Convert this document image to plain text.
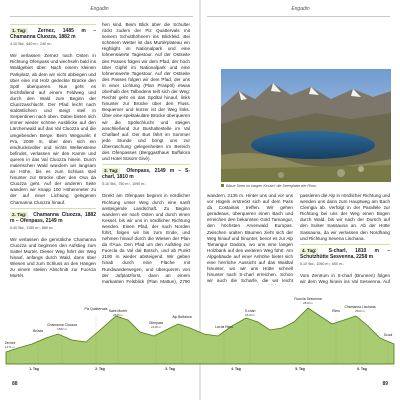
Engadin
1. Tag: Zernez, 1485 m – Chamanna Cluozza, 1882 m
4.10 Std., 640 m↑, 240 m↓

Wir verlassen Zernez nach Osten in Richtung Ofenpass und wechseln bald ins Waldgebiet über. Nach einem kleinen Parkplatz, ab dem wir nicht abbiegen und über eine mit Holz gedeckte Brücke den Spöl überqueren. Nun geht es leichtfallend auf einem Feldweg und durch den Wald zum Beginn der Cluozzaschlucht. Der Pfad leicht nach südöstlichem und steigt steil in Serpentinen nach oben. Dabei bieten sich immer wieder schöne Ausblicke auf den Lärchenwald auf das Val Cluozza und die umgebenden Berge. Beim Wegpunkt Il Pra, 2039 m, über dem sich ein eindrucksvoller und nichts Wellensteine befindet, verlassen wir den Kamm und queren in das Val Cluozza hinein. Durch malerischen Wald wandern wir langsam an Höhe, bis es zum Schluss steil hinunter zur Brücke über den Ova da Cluozza geht. Auf der anderen Seite wandern wir knapp 100 Höhenmeter zu der auf einer Lichtung gelegenen Chamanna Cluozza hinauf.

2. Tag: Chamanna Cluozza, 1882 m – Ofenpass, 2149 m
5.40 Std., 1150 m↑, 880 m↓

Wir verlassen die gemütliche Chamanna Cluozza und beginnen den Aufstieg zum Sattel Murtèr. Dieser Weg führt der Weg hinauf, anfangs durch Wald, dann über Wiesen und zum Schluss an den Hängen zu einem steilen Abschnitt zur Fuorcla Murtèr.

hen sind. Beim Blick über die Schulter rückt zudem der Piz Quattervals mit seinem Schutthöhnern ins Blickfeld. Bei schönem Wetter ist das Murtèrplateau ein Highlight im Nationalpark und eine lohnenswerte Tagestour. Auf der Ostseite des Passes folgen wir dem Pfad, der hoch über Gipfel im Nationalpark und eine lohnenswerte Tagestour. Auf der Ostseite des Passes folgen wir dem Pfad, der uns in einer Lichtung (Plan Praspöl) etwas oberhalb des Talbodens teilt sich der Weg: Rechts geht es das Spöltal hinauf, links hinunter zur Brücke über den Fluss. Bequemer und kürzer ist der Weg links. Über eine spektakuläre Brücke überqueren wir die Spölschlucht und steigen anschließend zur Bushaltestelle im Val Chaflaef auf. Der Bus fährt im Sommer jede Stunde und bringt uns zur Überraschung gelegenheiten im Bereich des Ofenpasses (Berggasthaus Buffalora und Hotel Süsom Givè).

3. Tag: Ofenpass, 2149 m – S-charl, 1810 m
5.10 Std., 750 m↑, 1090 m↓

Direkt am Ofenpass beginnt in nördlicher Richtung unser Weg durch eine sanft ansteigende Landschaft. Zu Beginn wandern wir nach Osten und durch einen Kessel, bis wir uns in nördlicher Richtung wenden. Einen Pfad, der nach Norden führt, folgen wir bis zum Ende, und nehmen hinauf durch die Wiesen der Plan da Il'Aua. Den Pfad um den Aufstieg zur Fuorcla da Val dal Botsch, und ab Punkt 2190 m wieder absteigend. Wir geben hinab durch eine Fläche mit Rundwanderwegen, und überqueren von der Jufplatzforst, dann an einem markanten Felsblick (Plan Mattun), 2790

Engadin
Blaue Seen im kargen Kessel: die Seenplatte der Rims.

wandern, 2135 m. Hinter uns und vor uns vor Hügeln erstreckt sich auf dem Pass da Costainas treffen. Wir gehen geradeaus, überqueren einen Bach und erreichen den bekannten Gold Tamangur, den höchsten Arvenwald Europas. Zwischen uralten Bäumen zieht sich der Weg hinauf und hinunter, bevor es zur Alp Tamangur Dadora, wo uns eine langen Holzbank auf den weiteren Weg führt. Am Alpgebäude auf einer Anhöhe bietet sich eine herrliche Aussicht auf das Waldtal hinunter, wo wir uns Hütte schnell hinunter nach S-charl erreichen. Schon wir auch die Scharfe, die wir leicht

passieren die Alp in nördlicher Richtung und wenden uns dann zum Hauptweg am Bach Clemgia ab. Verfolgt in der Parallele zur Richtung bei uns der Weg einen Bogen durch Wald, bis wir nach der Dursch auf den Sulser Sassauna an. Ab der Hütte Sassauna, da wir verlassen den Nordhang und Richtung Sevena Lischana.

4. Tag: S-charl, 1810 m – Schutzhütte Sesvenna, 2258 m
5.10 Std., 1050 m↑, 600 m↓

Vom Zentrum in S-charl (Brunnen) folgen wir dem Weg hinein ins Val Sesvenna. Auf

Zernez
1471 m
Brüsta
Chamanna Cluozza
1882 m
Piz Quattervals Saint Murtèr
2545 m
Ofenpass
2149 m
Alp Buffalora
Lai da Rims
S-charl
1810 m
Fuorcla Sesvenna
2819 m
Rims
Chamanna Lischana
2500 m
Scuol
1. Tag	2. Tag	3. Tag	4. Tag	5. Tag	6. Tag
88	89
